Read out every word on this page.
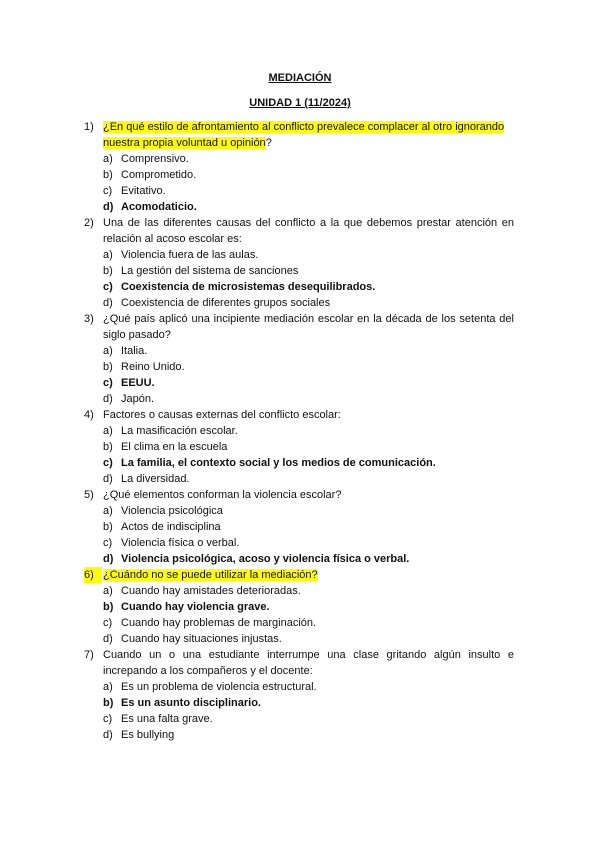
MEDIACIÓN
UNIDAD 1 (11/2024)
1) ¿En qué estilo de afrontamiento al conflicto prevalece complacer al otro ignorando nuestra propia voluntad u opinión?
a) Comprensivo.
b) Comprometido.
c) Evitativo.
d) Acomodaticio.
2) Una de las diferentes causas del conflicto a la que debemos prestar atención en relación al acoso escolar es:
a) Violencia fuera de las aulas.
b) La gestión del sistema de sanciones
c) Coexistencia de microsistemas desequilibrados.
d) Coexistencia de diferentes grupos sociales
3) ¿Qué país aplicó una incipiente mediación escolar en la década de los setenta del siglo pasado?
a) Italia.
b) Reino Unido.
c) EEUU.
d) Japón.
4) Factores o causas externas del conflicto escolar:
a) La masificación escolar.
b) El clima en la escuela
c) La familia, el contexto social y los medios de comunicación.
d) La diversidad.
5) ¿Qué elementos conforman la violencia escolar?
a) Violencia psicológica
b) Actos de indisciplina
c) Violencia física o verbal.
d) Violencia psicológica, acoso y violencia física o verbal.
6) ¿Cuándo no se puede utilizar la mediación?
a) Cuando hay amistades deterioradas.
b) Cuando hay violencia grave.
c) Cuando hay problemas de marginación.
d) Cuando hay situaciones injustas.
7) Cuando un o una estudiante interrumpe una clase gritando algún insulto e increpando a los compañeros y el docente:
a) Es un problema de violencia estructural.
b) Es un asunto disciplinario.
c) Es una falta grave.
d) Es bullying
